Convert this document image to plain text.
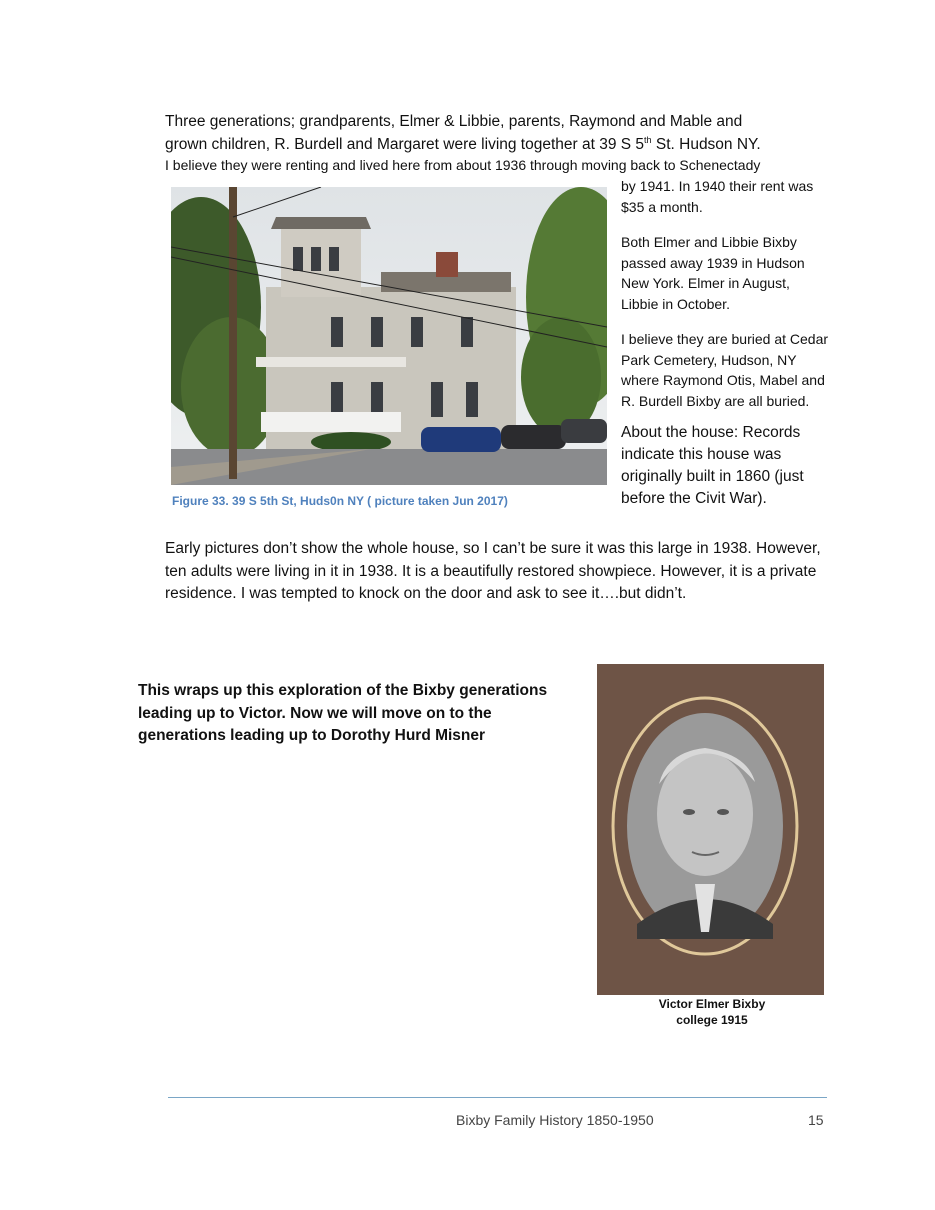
Three generations; grandparents, Elmer & Libbie, parents, Raymond and Mable and
grown children, R. Burdell and Margaret were living together at 39 S 5th St. Hudson NY.
I believe they were renting and lived here from about 1936 through moving back to Schenectady
Figure 33. 39 S 5th St, Huds0n NY ( picture taken Jun 2017)

by 1941. In 1940 their rent was $35 a month.

Both Elmer and Libbie Bixby passed away 1939 in Hudson New York. Elmer in August, Libbie in October.

I believe they are buried at Cedar Park Cemetery, Hudson, NY where Raymond Otis, Mabel and R. Burdell Bixby are all buried.

About the house: Records indicate this house was originally built in 1860 (just before the Civit War).

Early pictures don’t show the whole house, so I can’t be sure it was this large in 1938. However, ten adults were living in it in 1938. It is a beautifully restored showpiece. However, it is a private residence. I was tempted to knock on the door and ask to see it….but didn’t.
This wraps up this exploration of the Bixby generations leading up to Victor. Now we will move on to the generations leading up to Dorothy Hurd Misner
Victor Elmer Bixby
college 1915
Bixby Family History 1850-1950	15
